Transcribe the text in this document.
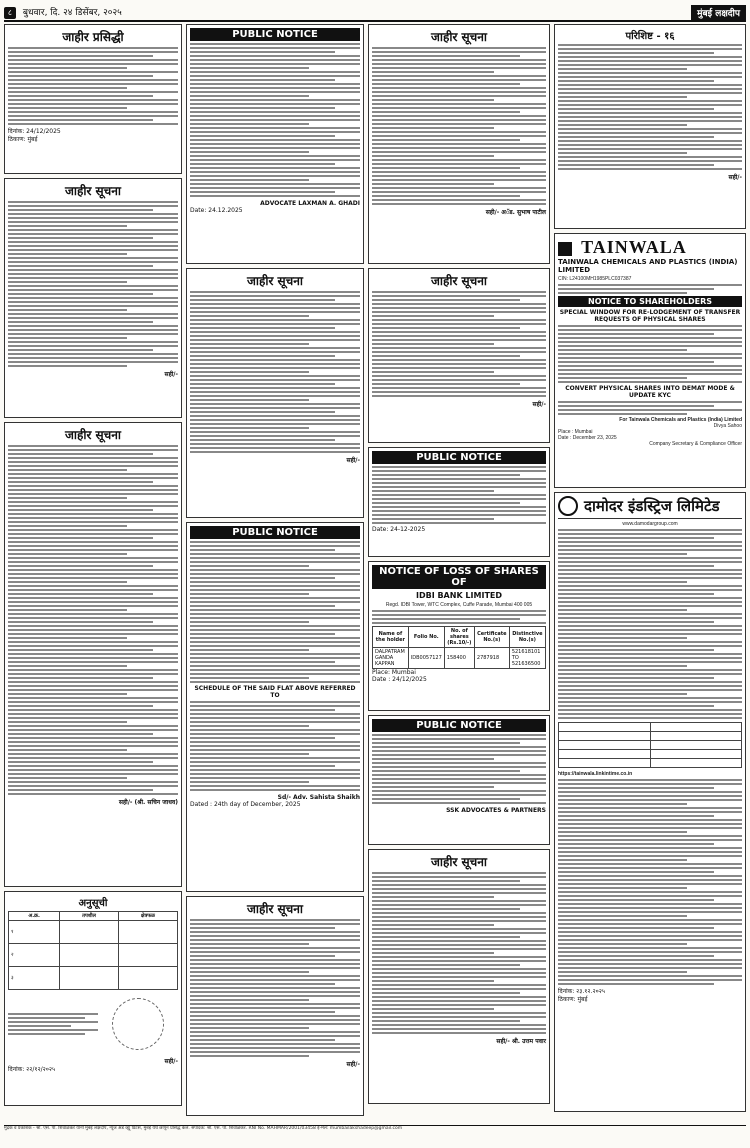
८ बुधवार, दि. २४ डिसेंबर, २०२५	मुंबई लक्षदीप
जाहीर प्रसिद्धी
दिनांक: 24/12/2025
ठिकाण: मुंबई
जाहीर सूचना
सही/-
जाहीर सूचना
सही/- (श्री. सचिन जाधव)
अनुसूची
अ.क्र.	तपशील	क्षेत्रफळ
१		
२		
३		
सही/-
दिनांक: २२/१२/२०२५
PUBLIC NOTICE
ADVOCATE LAXMAN A. GHADI
Date: 24.12.2025
जाहीर सूचना
सही/-
PUBLIC NOTICE
SCHEDULE OF THE SAID FLAT ABOVE REFERRED TO
Sd/- Adv. Sahista Shaikh
Dated : 24th day of December, 2025
जाहीर सूचना
सही/-
जाहीर सूचना
सही/- अॅड. सुभाष पाटील
जाहीर सूचना
सही/-
PUBLIC NOTICE
Date: 24-12-2025
NOTICE OF LOSS OF SHARES OF
IDBI BANK LIMITED
Regd. IDBI Tower, WTC Complex, Cuffe Parade, Mumbai 400 005
Name of the holder	Folio No.	No. of shares (Rs.10/-)	Certificate No.(s)	Distinctive No.(s)
DALPATRAM GANDA KAPPAN	IDB0057127	158400	2787918	521618101 TO 521636500
Place: Mumbai
Date : 24/12/2025
PUBLIC NOTICE
SSK ADVOCATES & PARTNERS
जाहीर सूचना
सही/- श्री. उत्तम पवार
परिशिष्ट - १६
सही/-
TAINWALA
TAINWALA CHEMICALS AND PLASTICS (INDIA) LIMITED
CIN: L24100MH1985PLC037387
NOTICE TO SHAREHOLDERS
SPECIAL WINDOW FOR RE-LODGEMENT OF TRANSFER REQUESTS OF PHYSICAL SHARES
CONVERT PHYSICAL SHARES INTO DEMAT MODE & UPDATE KYC
For Tainwala Chemicals and Plastics (India) Limited
Divya Sahoo
Place : Mumbai
Date : December 23, 2025
Company Secretary & Compliance Officer
दामोदर इंडस्ट्रिज लिमिटेड
www.damodargroup.com

https://tainwala.linkintime.co.in
दिनांक: २३.१२.२०२५
ठिकाण: मुंबई
मुद्रक व प्रकाशक - श्री. एस. पी. शिवाळकर यांनी मुंबई लक्षदीप, न्यूज अँड व्ह्यू प्रिंटर्स, मुंबई येथे छापून प्रसिद्ध केले. संपादक: श्री. एस. पी. शिवाळकर. RNI No. MAHMAR/2001/03458 ई-मेल: mumbailakshadeep@gmail.com
